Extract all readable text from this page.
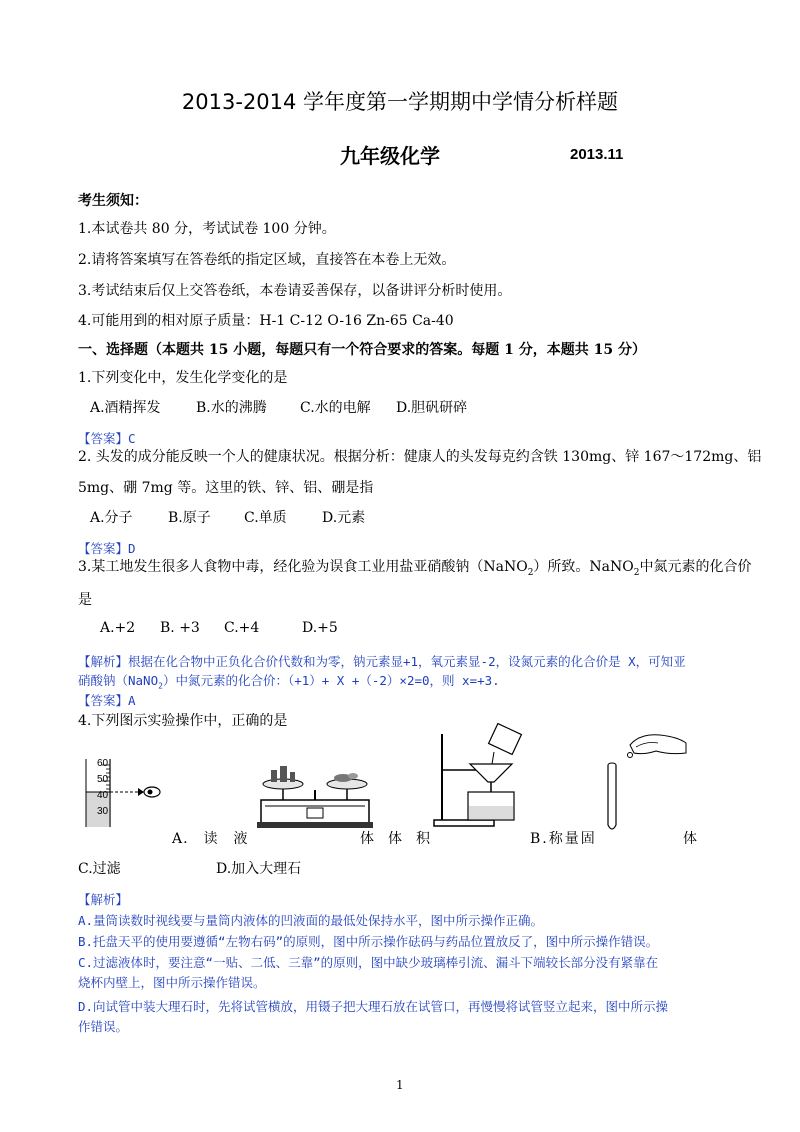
2013-2014 学年度第一学期期中学情分析样题
九年级化学	2013.11
考生须知：
1.本试卷共 80 分，考试试卷 100 分钟。
2.请将答案填写在答卷纸的指定区域，直接答在本卷上无效。
3.考试结束后仅上交答卷纸，本卷请妥善保存，以备讲评分析时使用。
4.可能用到的相对原子质量：H-1 C-12 O-16 Zn-65 Ca-40
一、选择题（本题共 15 小题，每题只有一个符合要求的答案。每题 1 分，本题共 15 分）
1.下列变化中，发生化学变化的是
A.酒精挥发	B.水的沸腾 C.水的电解 D.胆矾研碎
【答案】C
2. 头发的成分能反映一个人的健康状况。根据分析：健康人的头发每克约含铁 130mg、锌 167～172mg、铝
5mg、硼 7mg 等。这里的铁、锌、铝、硼是指
A.分子	B.原子 C.单质	D.元素
【答案】D
3.某工地发生很多人食物中毒，经化验为误食工业用盐亚硝酸钠（NaNO$_2$）所致。NaNO$_2$中氮元素的化合价
是
A.+2 B. +3 C.+4	D.+5
【解析】根据在化合物中正负化合价代数和为零，钠元素显+1，氧元素显-2，设氮元素的化合价是 X，可知亚
硝酸钠（NaNO$_2$）中氮元素的化合价：（+1）+ X +（-2）×2=0，则 x=+3.
【答案】A
4.下列图示实验操作中，正确的是
60
50
40
30
A.　读　液	体　体　积	B.称量固	体
C.过滤	D.加入大理石
【解析】
A.量筒读数时视线要与量筒内液体的凹液面的最低处保持水平，图中所示操作正确。
B.托盘天平的使用要遵循“左物右码”的原则，图中所示操作砝码与药品位置放反了，图中所示操作错误。
C.过滤液体时，要注意“一贴、二低、三靠”的原则，图中缺少玻璃棒引流、漏斗下端较长部分没有紧靠在
烧杯内壁上，图中所示操作错误。
D.向试管中装大理石时，先将试管横放，用镊子把大理石放在试管口，再慢慢将试管竖立起来，图中所示操
作错误。
1
